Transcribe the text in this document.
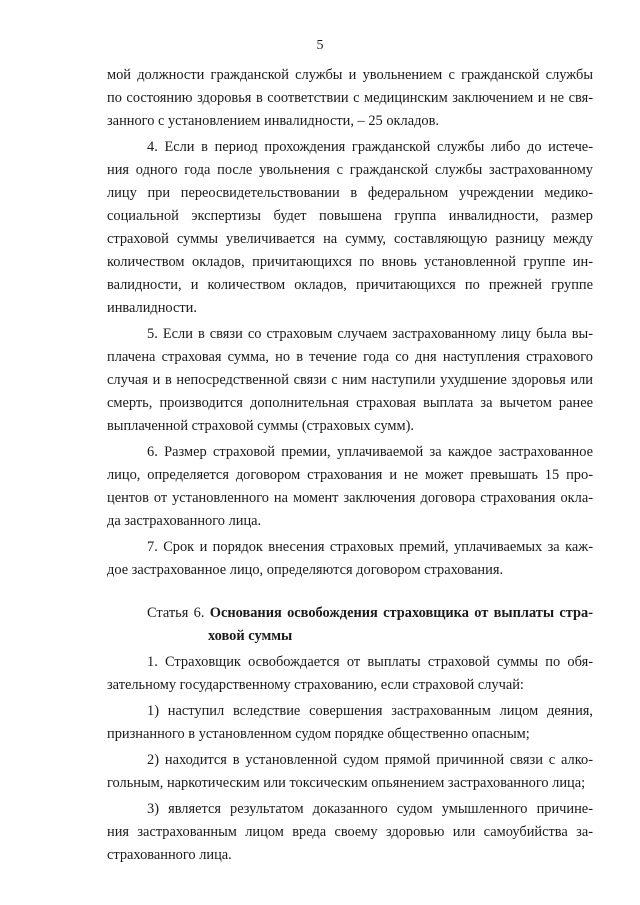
5
мой должности гражданской службы и увольнением с гражданской службы
по состоянию здоровья в соответствии с медицинским заключением и не свя-
занного с установлением инвалидности, – 25 окладов.
4. Если в период прохождения гражданской службы либо до истече-
ния одного года после увольнения с гражданской службы застрахованному
лицу при переосвидетельствовании в федеральном учреждении медико-
социальной экспертизы будет повышена группа инвалидности, размер
страховой суммы увеличивается на сумму, составляющую разницу между
количеством окладов, причитающихся по вновь установленной группе ин-
валидности, и количеством окладов, причитающихся по прежней группе
инвалидности.
5. Если в связи со страховым случаем застрахованному лицу была вы-
плачена страховая сумма, но в течение года со дня наступления страхового
случая и в непосредственной связи с ним наступили ухудшение здоровья или
смерть, производится дополнительная страховая выплата за вычетом ранее
выплаченной страховой суммы (страховых сумм).
6. Размер страховой премии, уплачиваемой за каждое застрахованное
лицо, определяется договором страхования и не может превышать 15 про-
центов от установленного на момент заключения договора страхования окла-
да застрахованного лица.
7. Срок и порядок внесения страховых премий, уплачиваемых за каж-
дое застрахованное лицо, определяются договором страхования.
Статья 6. Основания освобождения страховщика от выплаты стра-
ховой суммы
1. Страховщик освобождается от выплаты страховой суммы по обя-
зательному государственному страхованию, если страховой случай:
1) наступил вследствие совершения застрахованным лицом деяния,
признанного в установленном судом порядке общественно опасным;
2) находится в установленной судом прямой причинной связи с алко-
гольным, наркотическим или токсическим опьянением застрахованного лица;
3) является результатом доказанного судом умышленного причине-
ния застрахованным лицом вреда своему здоровью или самоубийства за-
страхованного лица.
